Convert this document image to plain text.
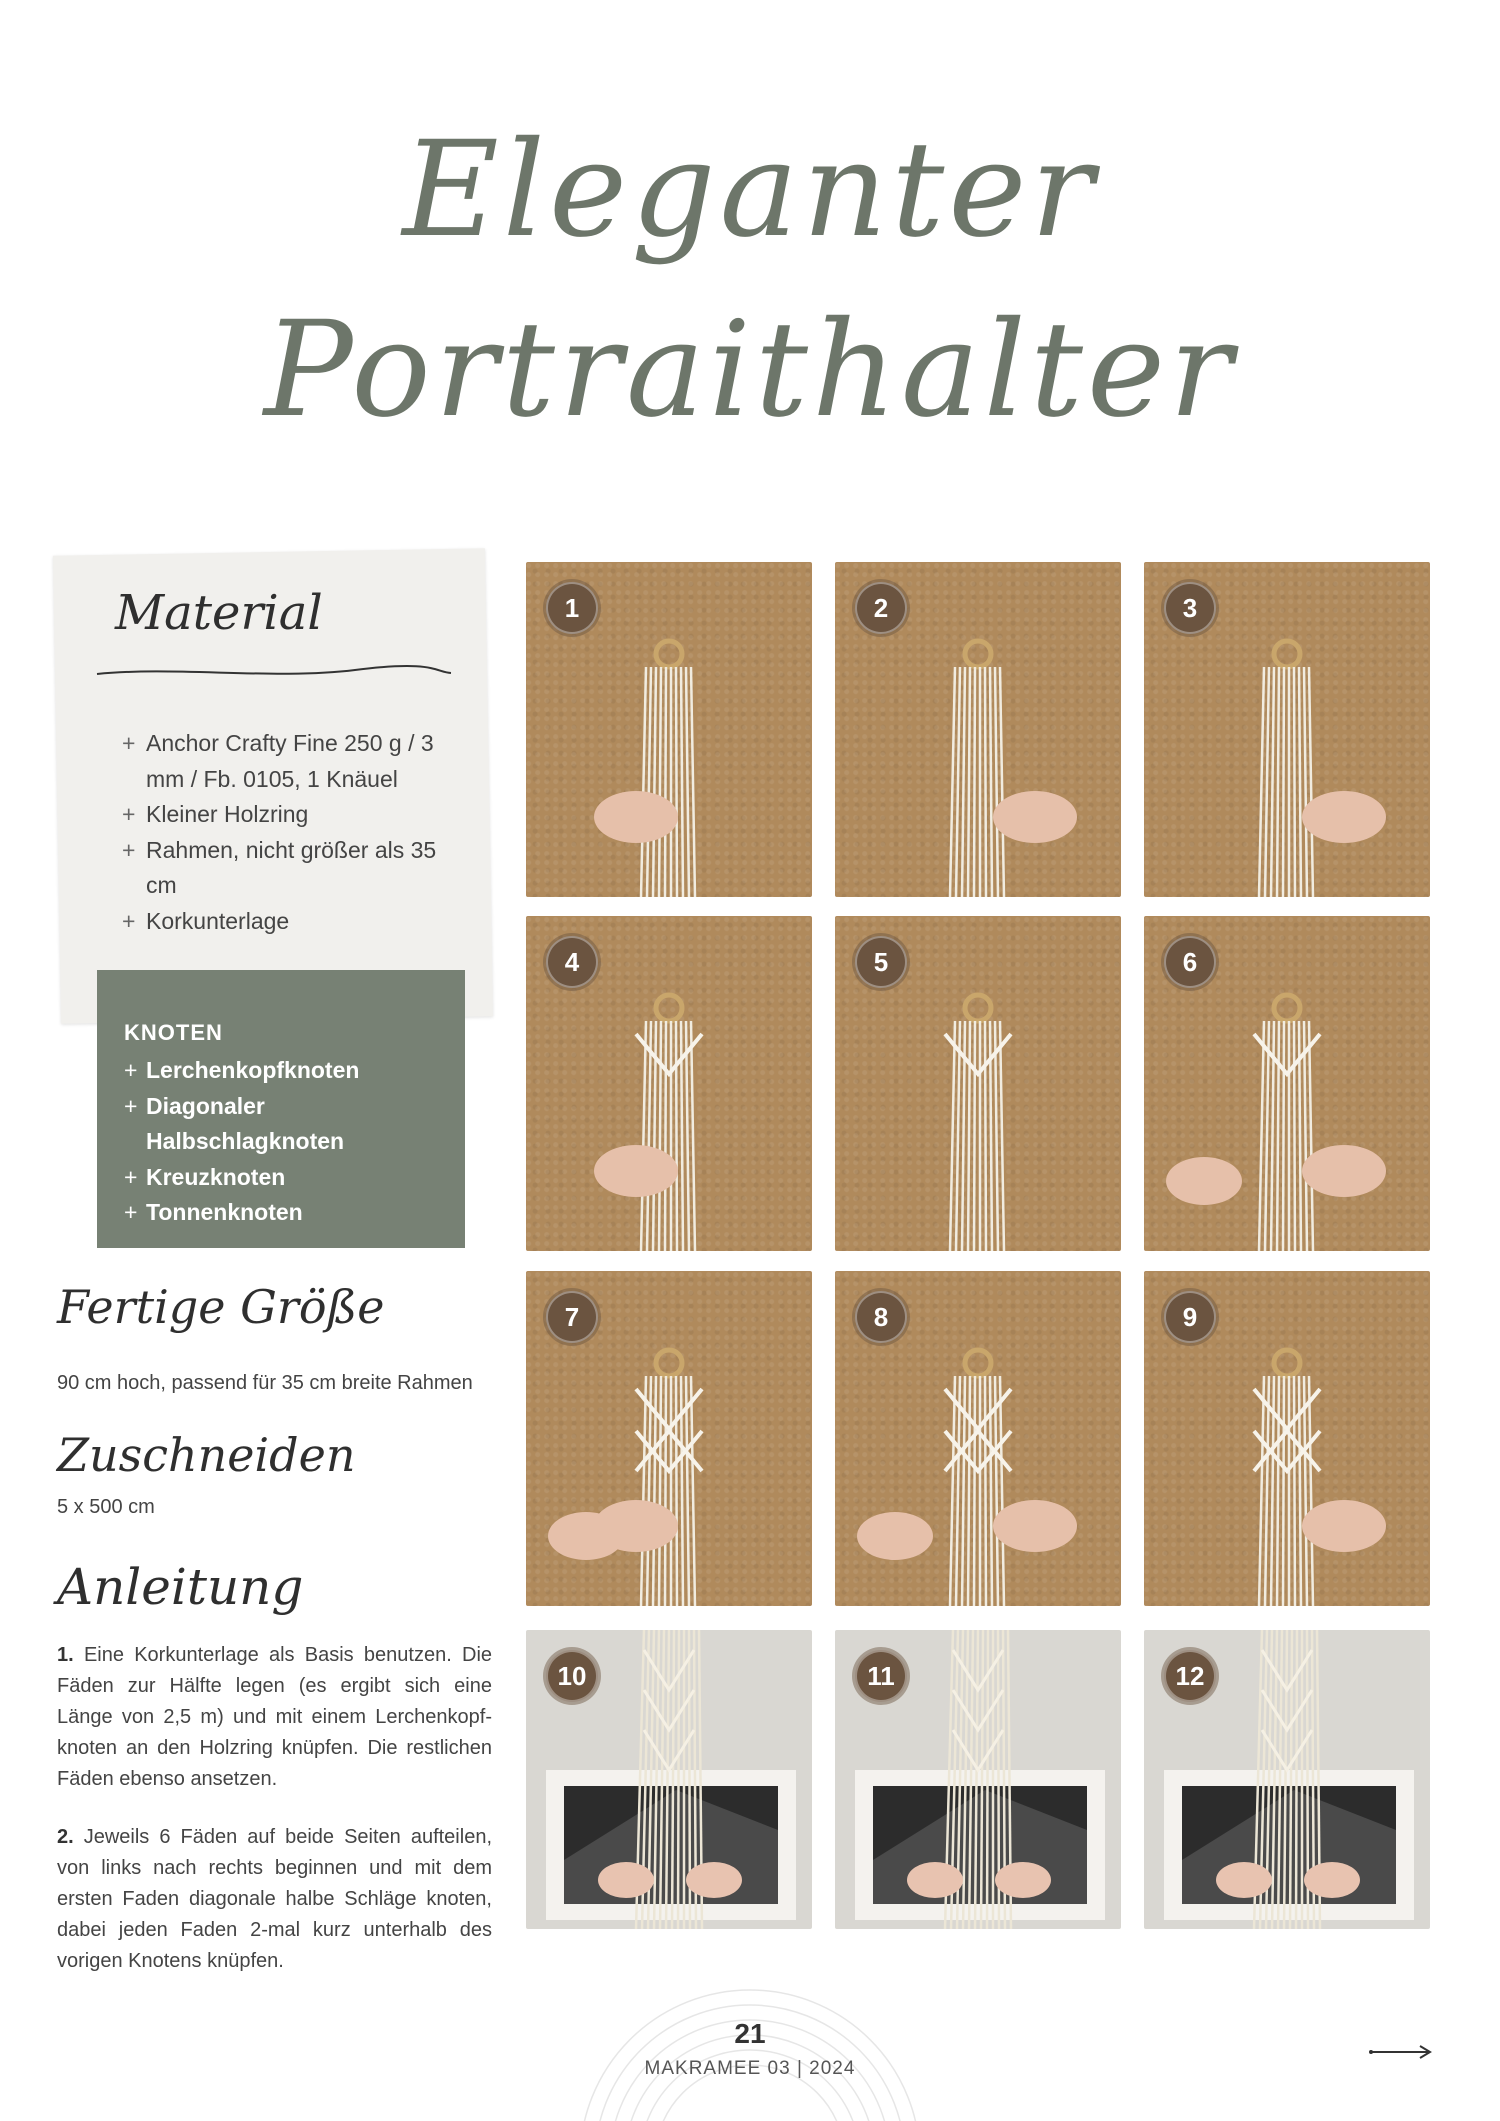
Eleganter
Portraithalter
Material
+ Anchor Crafty Fine 250 g / 3 mm / Fb. 0105, 1 Knäuel
+ Kleiner Holzring
+ Rahmen, nicht größer als 35 cm
+ Korkunterlage
KNOTEN
+ Lerchenkopfknoten
+ Diagonaler Halbschlagknoten
+ Kreuzknoten
+ Tonnenknoten
Fertige Größe

90 cm hoch, passend für 35 cm breite Rahmen

Zuschneiden

5 x 500 cm

Anleitung

1. Eine Korkunterlage als Basis benutzen. Die Fäden zur Hälfte legen (es ergibt sich eine Länge von 2,5 m) und mit einem Lerchenkopf-knoten an den Holzring knüpfen. Die restlichen Fäden ebenso ansetzen.

2. Jeweils 6 Fäden auf beide Seiten aufteilen, von links nach rechts beginnen und mit dem ersten Faden diagonale halbe Schläge knoten, dabei jeden Faden 2-mal kurz unterhalb des vorigen Knotens knüpfen.

1	2	3
4	5	6
7	8	9
10	11	12

21

MAKRAMEE 03 | 2024
